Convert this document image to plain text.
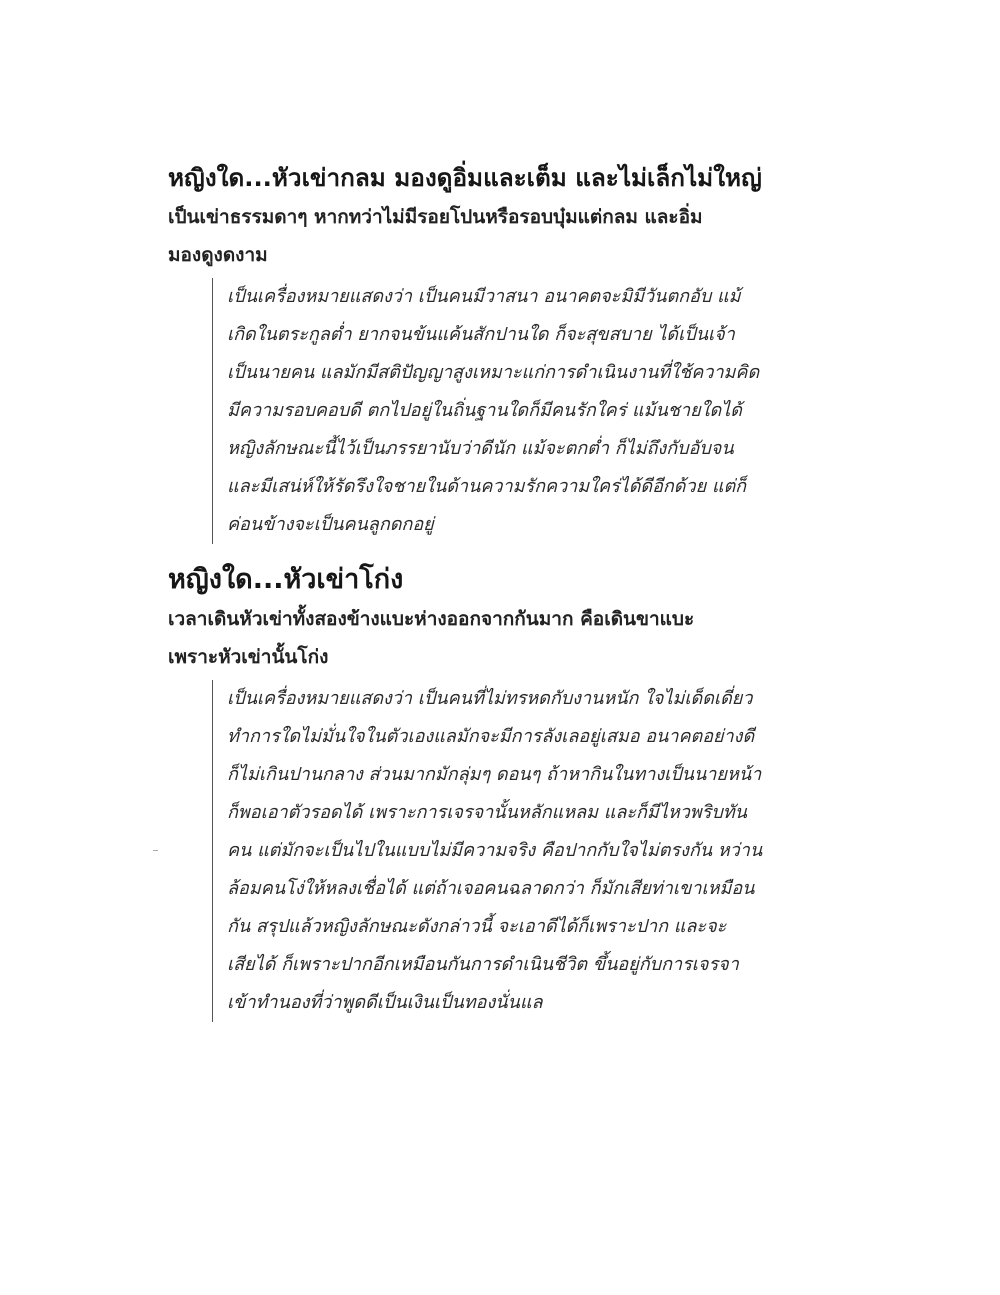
หญิงใด...หัวเข่ากลม มองดูอิ่มและเต็ม และไม่เล็กไม่ใหญ่
เป็นเข่าธรรมดาๆ หากทว่าไม่มีรอยโปนหรือรอบบุ๋มแต่กลม และอิ่ม
มองดูงดงาม
เป็นเครื่องหมายแสดงว่า เป็นคนมีวาสนา อนาคตจะมิมีวันตกอับ แม้
เกิดในตระกูลต่ำ ยากจนข้นแค้นสักปานใด ก็จะสุขสบาย ได้เป็นเจ้า
เป็นนายคน แลมักมีสติปัญญาสูงเหมาะแก่การดำเนินงานที่ใช้ความคิด
มีความรอบคอบดี ตกไปอยู่ในถิ่นฐานใดก็มีคนรักใคร่ แม้นชายใดได้
หญิงลักษณะนี้ไว้เป็นภรรยานับว่าดีนัก แม้จะตกต่ำ ก็ไม่ถึงกับอับจน
และมีเสน่ห์ให้รัดรึงใจชายในด้านความรักความใคร่ได้ดีอีกด้วย แต่ก็
ค่อนข้างจะเป็นคนลูกดกอยู่
หญิงใด...หัวเข่าโก่ง
เวลาเดินหัวเข่าทั้งสองข้างแบะห่างออกจากกันมาก คือเดินขาแบะ
เพราะหัวเข่านั้นโก่ง
เป็นเครื่องหมายแสดงว่า เป็นคนที่ไม่ทรหดกับงานหนัก ใจไม่เด็ดเดี่ยว
ทำการใดไม่มั่นใจในตัวเองแลมักจะมีการลังเลอยู่เสมอ อนาคตอย่างดี
ก็ไม่เกินปานกลาง ส่วนมากมักลุ่มๆ ดอนๆ ถ้าหากินในทางเป็นนายหน้า
ก็พอเอาตัวรอดได้ เพราะการเจรจานั้นหลักแหลม และก็มีไหวพริบทัน
คน แต่มักจะเป็นไปในแบบไม่มีความจริง คือปากกับใจไม่ตรงกัน หว่าน
ล้อมคนโง่ให้หลงเชื่อได้ แต่ถ้าเจอคนฉลาดกว่า ก็มักเสียท่าเขาเหมือน
กัน สรุปแล้วหญิงลักษณะดังกล่าวนี้ จะเอาดีได้ก็เพราะปาก และจะ
เสียได้ ก็เพราะปากอีกเหมือนกันการดำเนินชีวิต ขึ้นอยู่กับการเจรจา
เข้าทำนองที่ว่าพูดดีเป็นเงินเป็นทองนั่นแล
